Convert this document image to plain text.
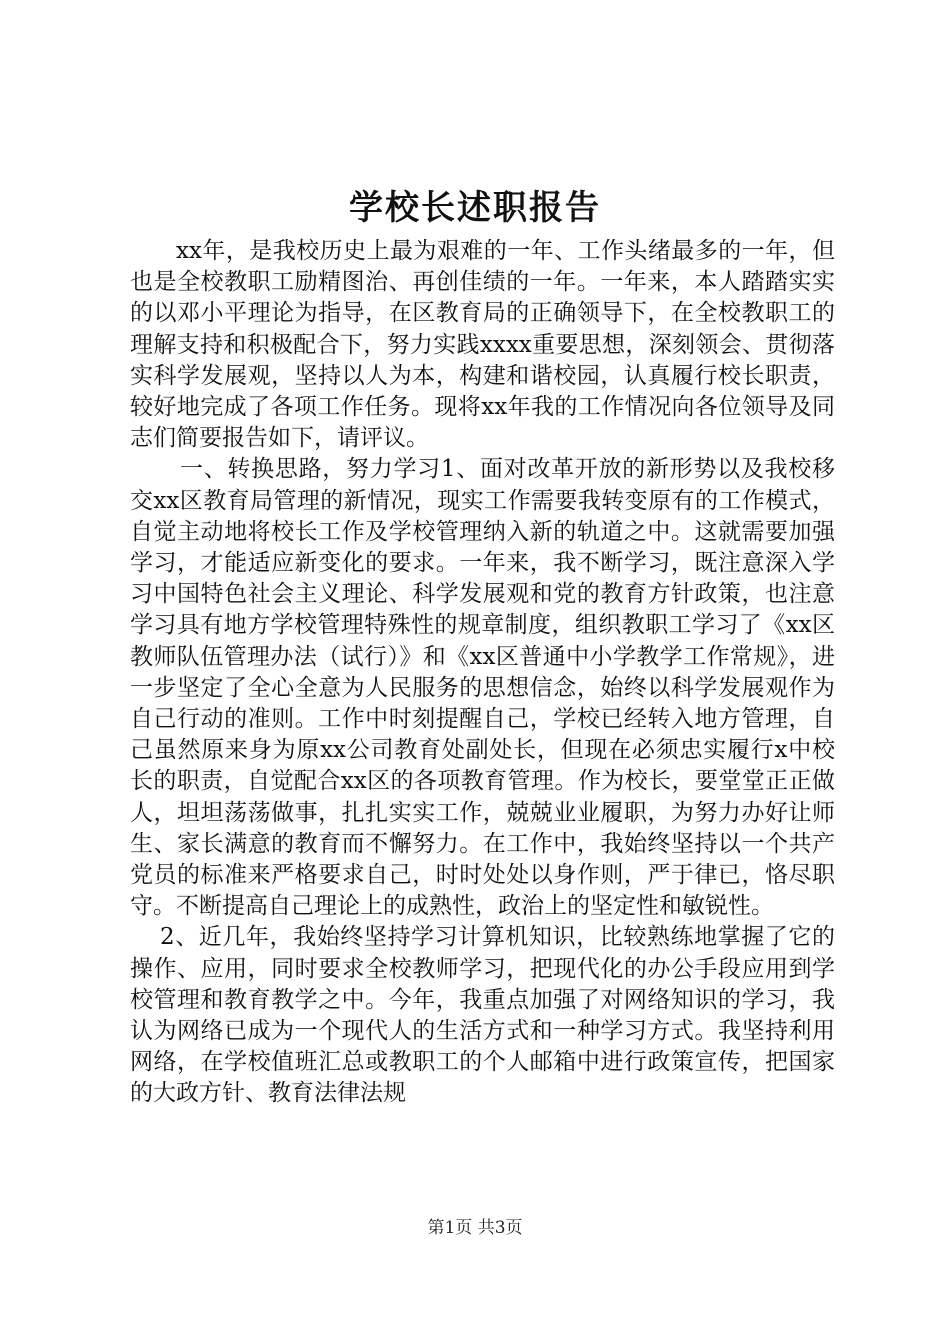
学校长述职报告

xx年，是我校历史上最为艰难的一年、工作头绪最多的一年，但也是全校教职工励精图治、再创佳绩的一年。一年来，本人踏踏实实的以邓小平理论为指导，在区教育局的正确领导下，在全校教职工的理解支持和积极配合下，努力实践xxxx重要思想，深刻领会、贯彻落实科学发展观，坚持以人为本，构建和谐校园，认真履行校长职责，较好地完成了各项工作任务。现将xx年我的工作情况向各位领导及同志们简要报告如下，请评议。

一、转换思路，努力学习1、面对改革开放的新形势以及我校移交xx区教育局管理的新情况，现实工作需要我转变原有的工作模式，自觉主动地将校长工作及学校管理纳入新的轨道之中。这就需要加强学习，才能适应新变化的要求。一年来，我不断学习，既注意深入学习中国特色社会主义理论、科学发展观和党的教育方针政策，也注意学习具有地方学校管理特殊性的规章制度，组织教职工学习了《xx区教师队伍管理办法（试行）》和《xx区普通中小学教学工作常规》，进一步坚定了全心全意为人民服务的思想信念，始终以科学发展观作为自己行动的准则。工作中时刻提醒自己，学校已经转入地方管理，自己虽然原来身为原xx公司教育处副处长，但现在必须忠实履行x中校长的职责，自觉配合xx区的各项教育管理。作为校长，要堂堂正正做人，坦坦荡荡做事，扎扎实实工作，兢兢业业履职，为努力办好让师生、家长满意的教育而不懈努力。在工作中，我始终坚持以一个共产党员的标准来严格要求自己，时时处处以身作则，严于律已，恪尽职守。不断提高自己理论上的成熟性，政治上的坚定性和敏锐性。

2、近几年，我始终坚持学习计算机知识，比较熟练地掌握了它的操作、应用，同时要求全校教师学习，把现代化的办公手段应用到学校管理和教育教学之中。今年，我重点加强了对网络知识的学习，我认为网络已成为一个现代人的生活方式和一种学习方式。我坚持利用网络，在学校值班汇总或教职工的个人邮箱中进行政策宣传，把国家的大政方针、教育法律法规

第1页 共3页
